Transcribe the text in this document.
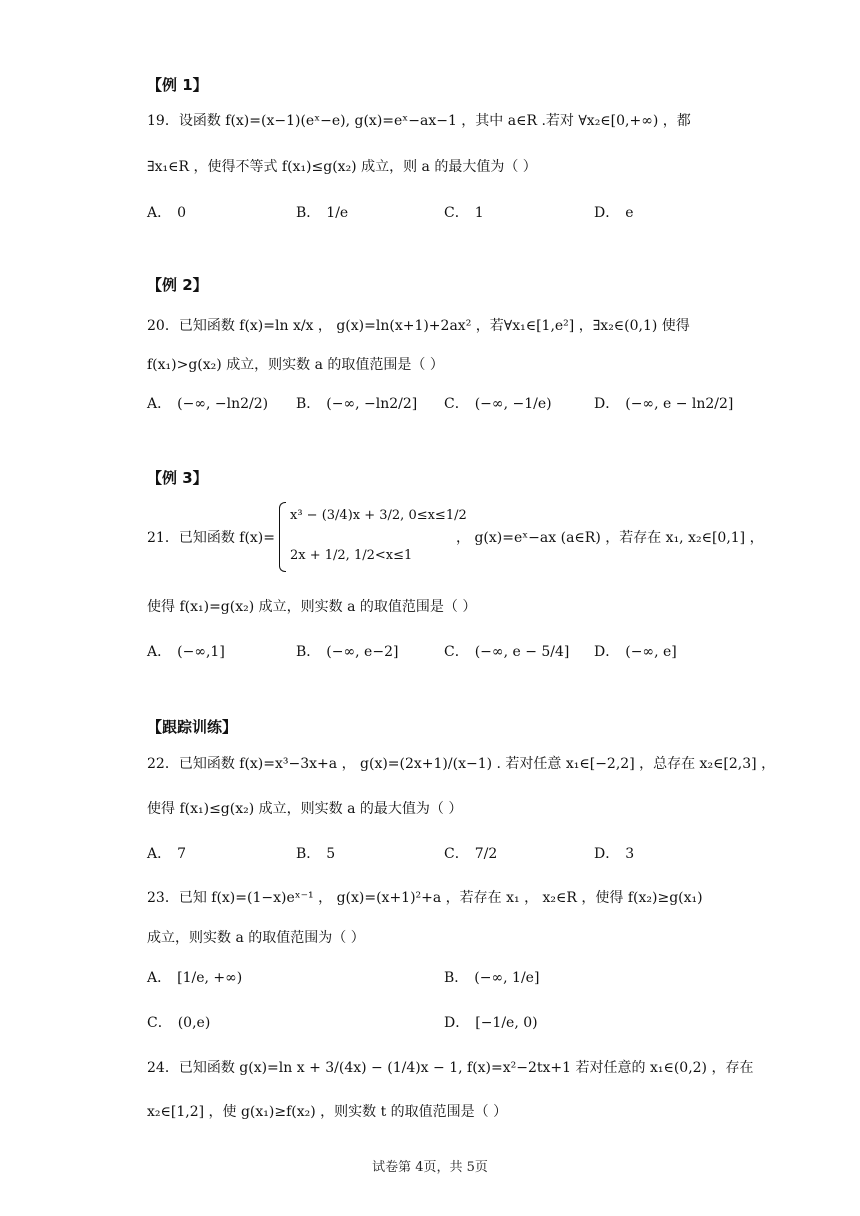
【例 1】
19．设函数 f(x)=(x−1)(eˣ−e), g(x)=eˣ−ax−1 ，其中 a∈R .若对 ∀x₂∈[0,+∞) ，都
∃x₁∈R ，使得不等式 f(x₁)≤g(x₂) 成立，则 a 的最大值为（ ）
A． 0	B． 1/e	C． 1	D． e
【例 2】
20．已知函数 f(x)=ln x/x ， g(x)=ln(x+1)+2ax² ，若∀x₁∈[1,e²] ，∃x₂∈(0,1) 使得
f(x₁)>g(x₂) 成立，则实数 a 的取值范围是（ ）
A． (−∞, −ln2/2) B． (−∞, −ln2/2] C． (−∞, −1/e)	D． (−∞, e − ln2/2]
【例 3】
21．已知函数 f(x)=
x³ − (3/4)x + 3/2, 0≤x≤1/2
2x + 1/2, 1/2<x≤1
， g(x)=eˣ−ax (a∈R) ，若存在 x₁, x₂∈[0,1] ，
使得 f(x₁)=g(x₂) 成立，则实数 a 的取值范围是（ ）
A． (−∞,1]	B． (−∞, e−2]	C． (−∞, e − 5/4] D． (−∞, e]
【跟踪训练】
22．已知函数 f(x)=x³−3x+a ， g(x)=(2x+1)/(x−1) . 若对任意 x₁∈[−2,2] ，总存在 x₂∈[2,3] ，
使得 f(x₁)≤g(x₂) 成立，则实数 a 的最大值为（ ）
A． 7	B． 5	C． 7/2	D． 3
23．已知 f(x)=(1−x)eˣ⁻¹ ， g(x)=(x+1)²+a ，若存在 x₁ ， x₂∈R ，使得 f(x₂)≥g(x₁)
成立，则实数 a 的取值范围为（ ）
A． [1/e, +∞)	B． (−∞, 1/e]
C． (0,e)	D． [−1/e, 0)
24．已知函数 g(x)=ln x + 3/(4x) − (1/4)x − 1, f(x)=x²−2tx+1 若对任意的 x₁∈(0,2) ，存在
x₂∈[1,2] ，使 g(x₁)≥f(x₂) ，则实数 t 的取值范围是（ ）
试卷第 4页，共 5页
